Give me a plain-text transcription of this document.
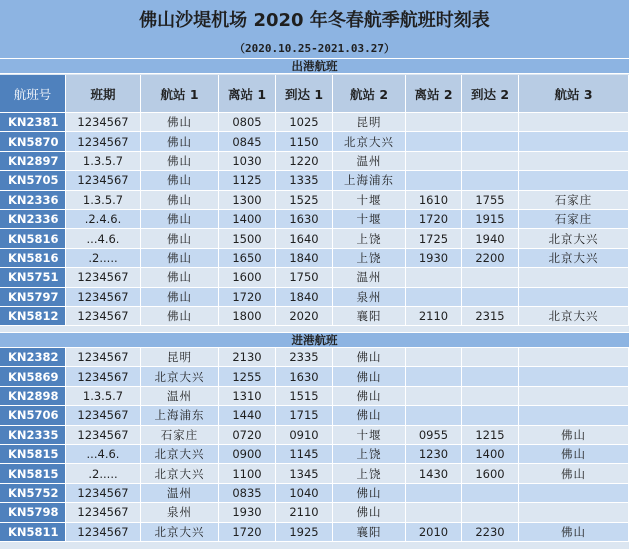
佛山沙堤机场 2020 年冬春航季航班时刻表
（2020.10.25-2021.03.27）
出港航班
航班号	班期	航站 1	离站 1	到达 1	航站 2	离站 2	到达 2	航站 3
KN2381	1234567	佛山	0805	1025	昆明
KN5870	1234567	佛山	0845	1150	北京大兴
KN2897	1.3.5.7	佛山	1030	1220	温州
KN5705	1234567	佛山	1125	1335	上海浦东
KN2336	1.3.5.7	佛山	1300	1525	十堰	1610	1755	石家庄
KN2336	.2.4.6.	佛山	1400	1630	十堰	1720	1915	石家庄
KN5816	...4.6.	佛山	1500	1640	上饶	1725	1940	北京大兴
KN5816	.2.....	佛山	1650	1840	上饶	1930	2200	北京大兴
KN5751	1234567	佛山	1600	1750	温州
KN5797	1234567	佛山	1720	1840	泉州
KN5812	1234567	佛山	1800	2020	襄阳	2110	2315	北京大兴
进港航班
KN2382	1234567	昆明	2130	2335	佛山
KN5869	1234567	北京大兴	1255	1630	佛山
KN2898	1.3.5.7	温州	1310	1515	佛山
KN5706	1234567	上海浦东	1440	1715	佛山
KN2335	1234567	石家庄	0720	0910	十堰	0955	1215	佛山
KN5815	...4.6.	北京大兴	0900	1145	上饶	1230	1400	佛山
KN5815	.2.....	北京大兴	1100	1345	上饶	1430	1600	佛山
KN5752	1234567	温州	0835	1040	佛山
KN5798	1234567	泉州	1930	2110	佛山
KN5811	1234567	北京大兴	1720	1925	襄阳	2010	2230	佛山
